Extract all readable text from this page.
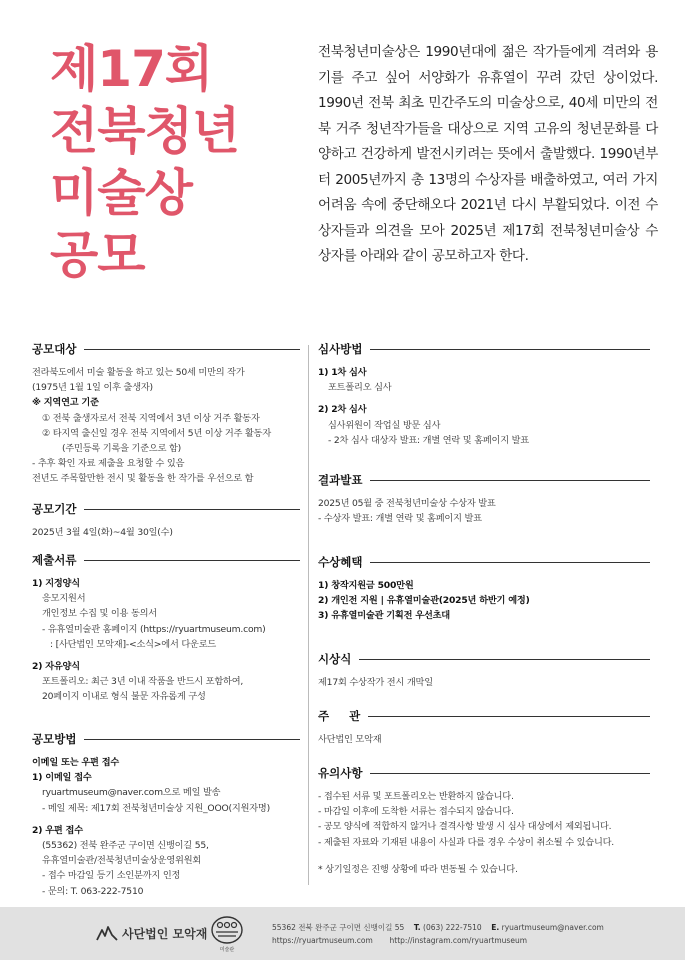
제17회
전북청년
미술상
공모
전북청년미술상은 1990년대에 젊은 작가들에게 격려와 용기를 주고 싶어 서양화가 유휴열이 꾸려 갔던 상이었다. 1990년 전북 최초 민간주도의 미술상으로, 40세 미만의 전북 거주 청년작가들을 대상으로 지역 고유의 청년문화를 다양하고 건강하게 발전시키려는 뜻에서 출발했다. 1990년부터 2005년까지 총 13명의 수상자를 배출하였고, 여러 가지 어려움 속에 중단해오다 2021년 다시 부활되었다. 이전 수상자들과 의견을 모아 2025년 제17회 전북청년미술상 수상자를 아래와 같이 공모하고자 한다.
공모대상
전라북도에서 미술 활동을 하고 있는 50세 미만의 작가
(1975년 1월 1일 이후 출생자)
※ 지역연고 기준
① 전북 출생자로서 전북 지역에서 3년 이상 거주 활동자
② 타지역 출신일 경우 전북 지역에서 5년 이상 거주 활동자
(주민등록 기록을 기준으로 함)
- 추후 확인 자료 제출을 요청할 수 있음
전년도 주목할만한 전시 및 활동을 한 작가를 우선으로 함
공모기간
2025년 3월 4일(화)~4월 30일(수)
제출서류
1) 지정양식
응모지원서
개인정보 수집 및 이용 동의서
- 유휴열미술관 홈페이지 (https://ryuartmuseum.com)
: [사단법인 모악재]-<소식>에서 다운로드
2) 자유양식
포트폴리오: 최근 3년 이내 작품을 반드시 포함하여,
20페이지 이내로 형식 불문 자유롭게 구성
공모방법
이메일 또는 우편 접수
1) 이메일 접수
ryuartmuseum@naver.com으로 메일 발송
- 메일 제목: 제17회 전북청년미술상 지원_OOO(지원자명)
2) 우편 접수
(55362) 전북 완주군 구이면 신뱅이길 55,
유휴열미술관/전북청년미술상운영위원회
- 접수 마감일 등기 소인분까지 인정
- 문의: T. 063-222-7510
심사방법
1) 1차 심사
포트폴리오 심사
2) 2차 심사
심사위원이 작업실 방문 심사
- 2차 심사 대상자 발표: 개별 연락 및 홈페이지 발표
결과발표
2025년 05월 중 전북청년미술상 수상자 발표
- 수상자 발표: 개별 연락 및 홈페이지 발표
수상혜택
1) 창작지원금 500만원
2) 개인전 지원 | 유휴열미술관(2025년 하반기 예정)
3) 유휴열미술관 기획전 우선초대
시상식
제17회 수상작가 전시 개막일
주     관
사단법인 모악재
유의사항
- 접수된 서류 및 포트폴리오는 반환하지 않습니다.
- 마감일 이후에 도착한 서류는 접수되지 않습니다.
- 공모 양식에 적합하지 않거나 결격사항 발생 시 심사 대상에서 제외됩니다.
- 제출된 자료와 기재된 내용이 사실과 다를 경우 수상이 취소될 수 있습니다.
* 상기일정은 진행 상황에 따라 변동될 수 있습니다.
사단법인 모악재
미술관
55362 전북 완주군 구이면 신뱅이길 55 T. (063) 222-7510 E. ryuartmuseum@naver.com
https://ryuartmuseum.com http://instagram.com/ryuartmuseum
